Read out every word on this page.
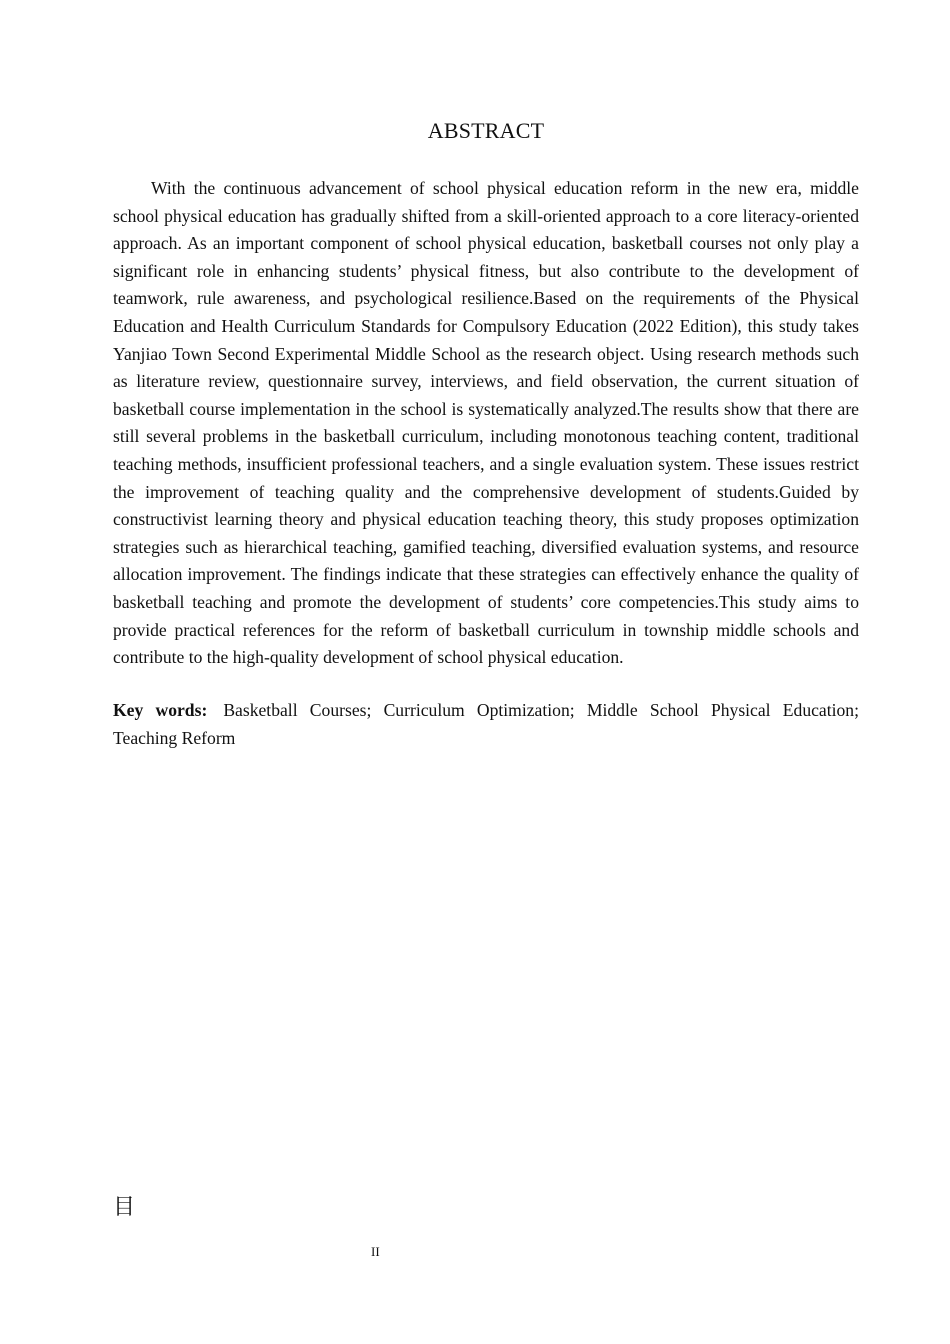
ABSTRACT

With the continuous advancement of school physical education reform in the new era, middle school physical education has gradually shifted from a skill-oriented approach to a core literacy-oriented approach. As an important component of school physical education, basketball courses not only play a significant role in enhancing students’ physical fitness, but also contribute to the development of teamwork, rule awareness, and psychological resilience.Based on the requirements of the Physical Education and Health Curriculum Standards for Compulsory Education (2022 Edition), this study takes Yanjiao Town Second Experimental Middle School as the research object. Using research methods such as literature review, questionnaire survey, interviews, and field observation, the current situation of basketball course implementation in the school is systematically analyzed.The results show that there are still several problems in the basketball curriculum, including monotonous teaching content, traditional teaching methods, insufficient professional teachers, and a single evaluation system. These issues restrict the improvement of teaching quality and the comprehensive development of students.Guided by constructivist learning theory and physical education teaching theory, this study proposes optimization strategies such as hierarchical teaching, gamified teaching, diversified evaluation systems, and resource allocation improvement. The findings indicate that these strategies can effectively enhance the quality of basketball teaching and promote the development of students’ core competencies.This study aims to provide practical references for the reform of basketball curriculum in township middle schools and contribute to the high-quality development of school physical education.

Key words: Basketball Courses; Curriculum Optimization; Middle School Physical Education; Teaching Reform

目
II
